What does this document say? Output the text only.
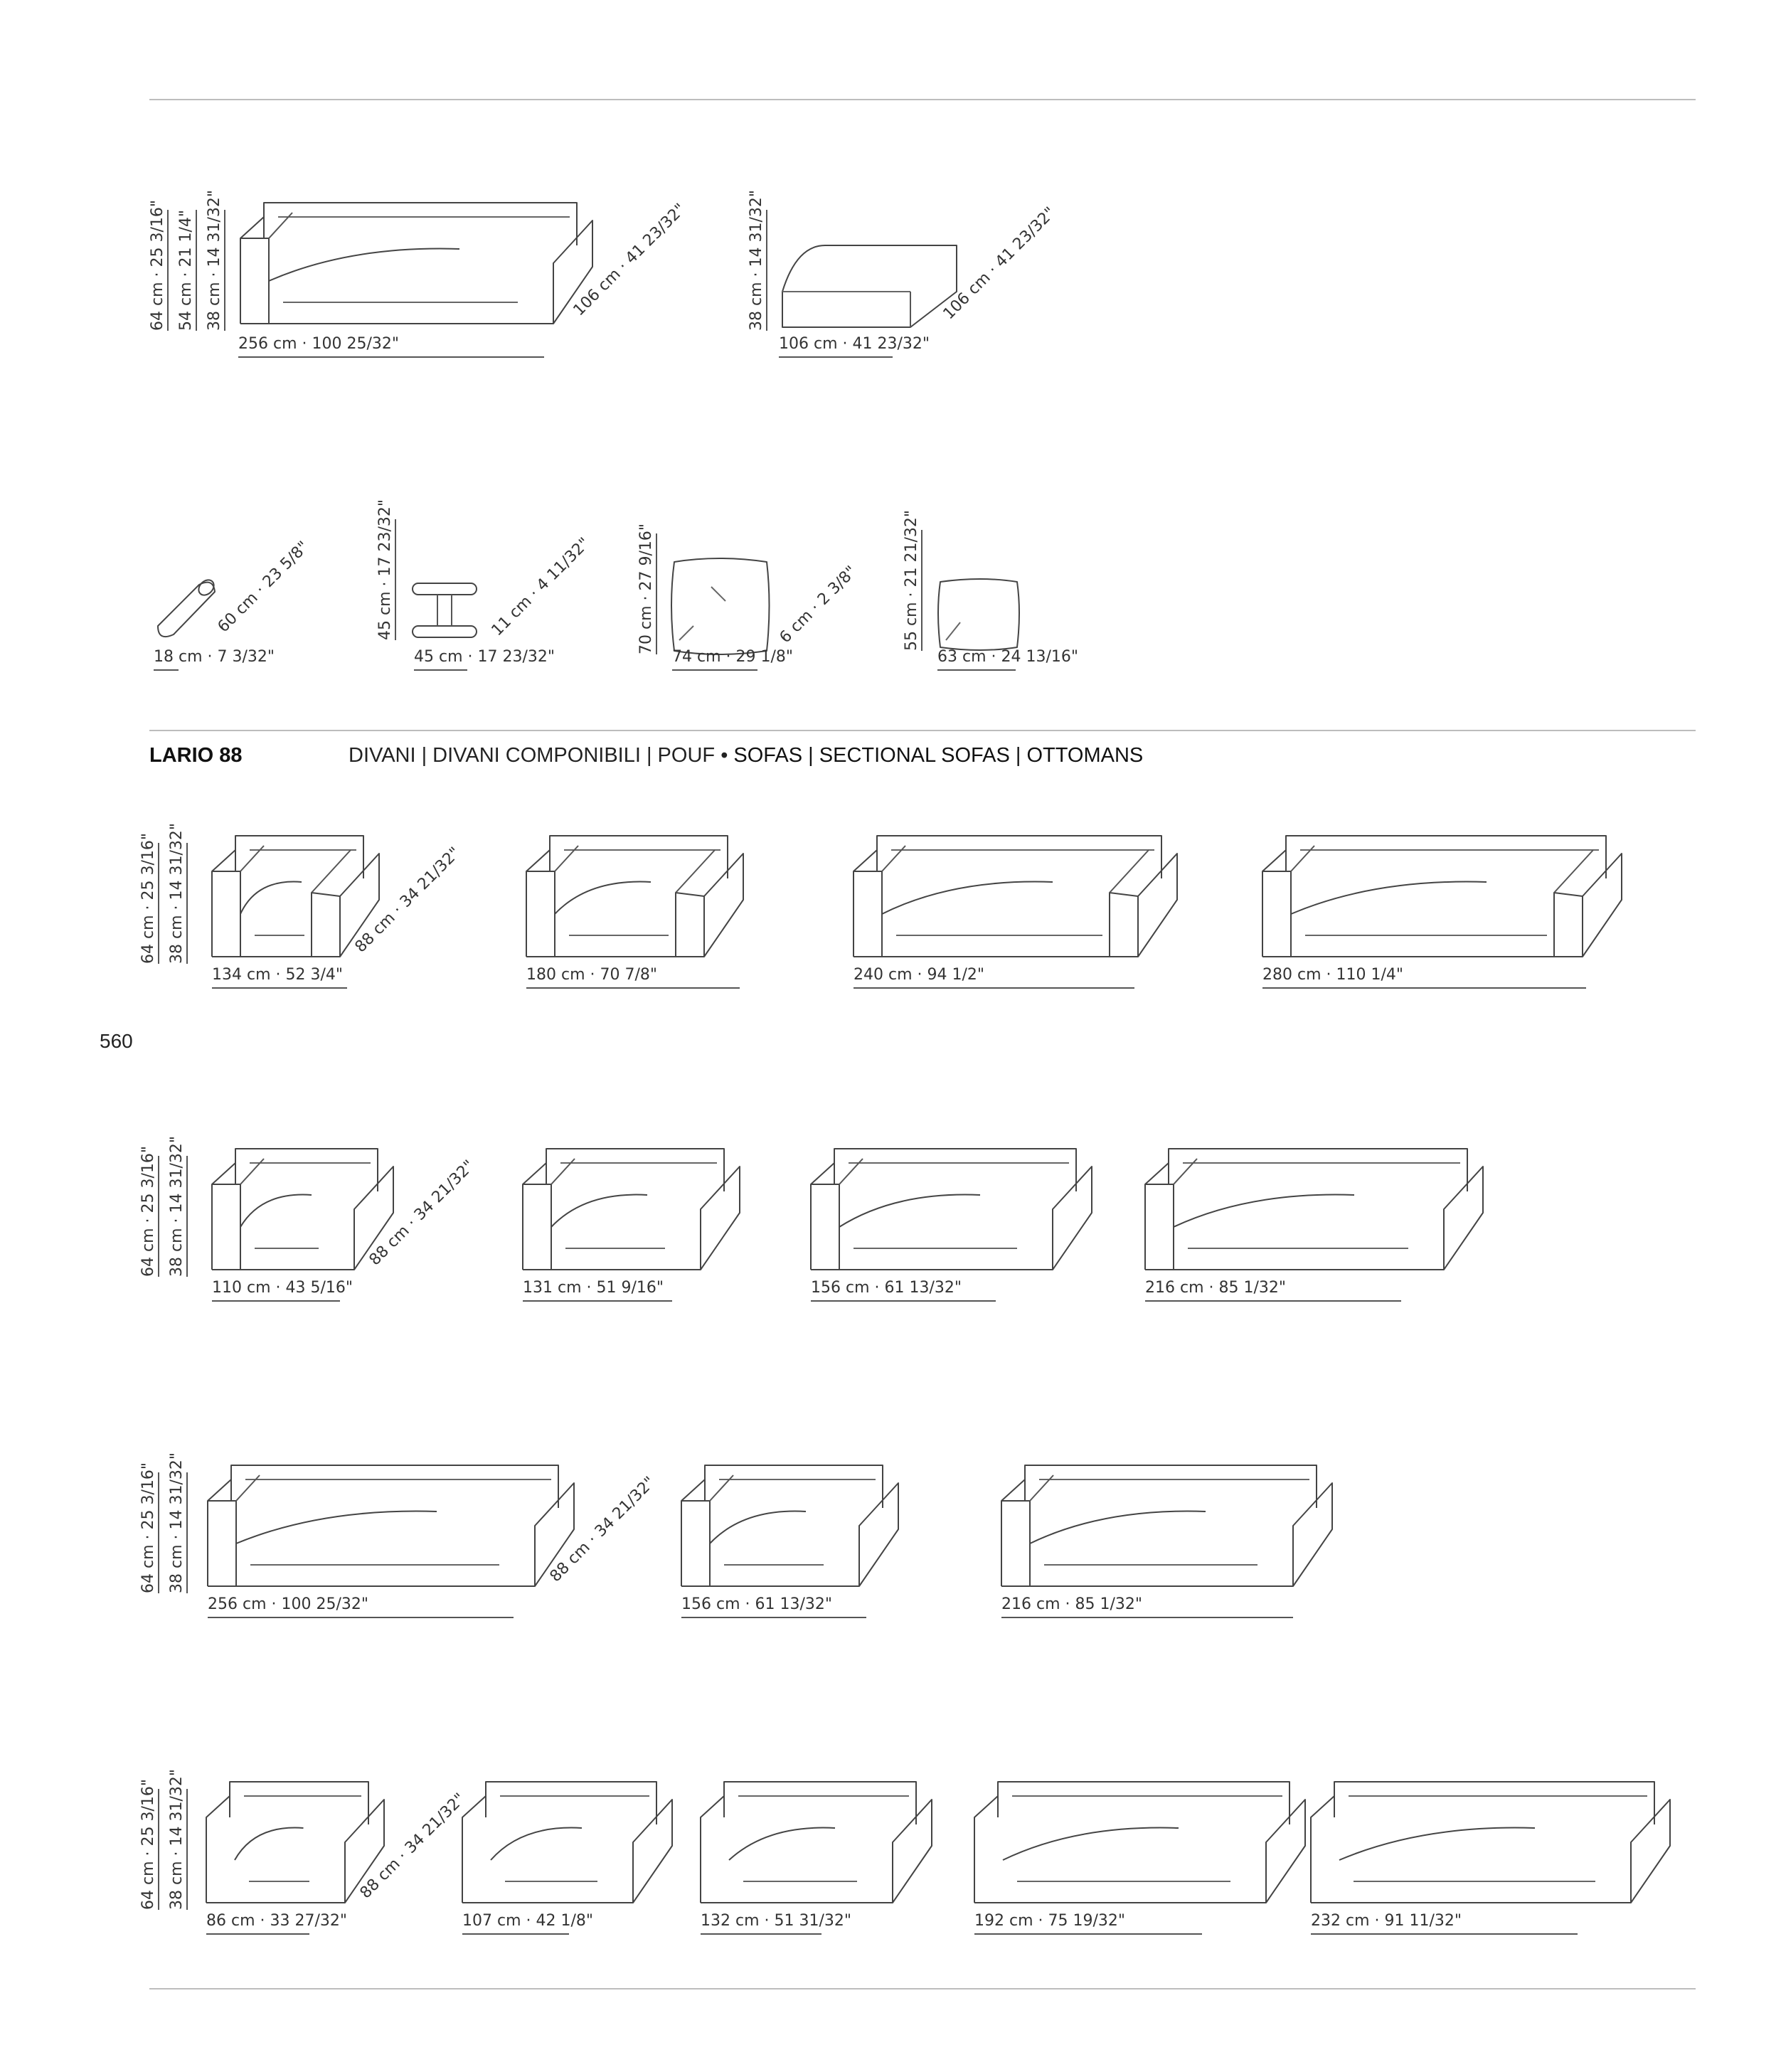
LARIO 88	DIVANI | DIVANI COMPONIBILI | POUF • SOFAS | SECTIONAL SOFAS | OTTOMANS
560
64 cm · 25 3/16" 54 cm · 21 1/4" 38 cm · 14 31/32"
256 cm · 100 25/32"
106 cm · 41 23/32"	38 cm · 14 31/32"
106 cm · 41 23/32"
106 cm · 41 23/32"
18 cm · 7 3/32"
60 cm · 23 5/8"
45 cm · 17 23/32"
11 cm · 4 11/32"
45 cm · 17 23/32"
74 cm · 29 1/8"
6 cm · 2 3/8"
70 cm · 27 9/16"
63 cm · 24 13/16"
55 cm · 21 21/32"
64 cm · 25 3/16" 38 cm · 14 31/32"
134 cm · 52 3/4"
88 cm · 34 21/32"
180 cm · 70 7/8"	240 cm · 94 1/2"	280 cm · 110 1/4"
64 cm · 25 3/16" 38 cm · 14 31/32"
110 cm · 43 5/16"
88 cm · 34 21/32"
131 cm · 51 9/16"	156 cm · 61 13/32"	216 cm · 85 1/32"
64 cm · 25 3/16" 38 cm · 14 31/32"
256 cm · 100 25/32"
88 cm · 34 21/32"
156 cm · 61 13/32"	216 cm · 85 1/32"
64 cm · 25 3/16" 38 cm · 14 31/32"
86 cm · 33 27/32"
88 cm · 34 21/32"
107 cm · 42 1/8"	132 cm · 51 31/32"	192 cm · 75 19/32"	232 cm · 91 11/32"
